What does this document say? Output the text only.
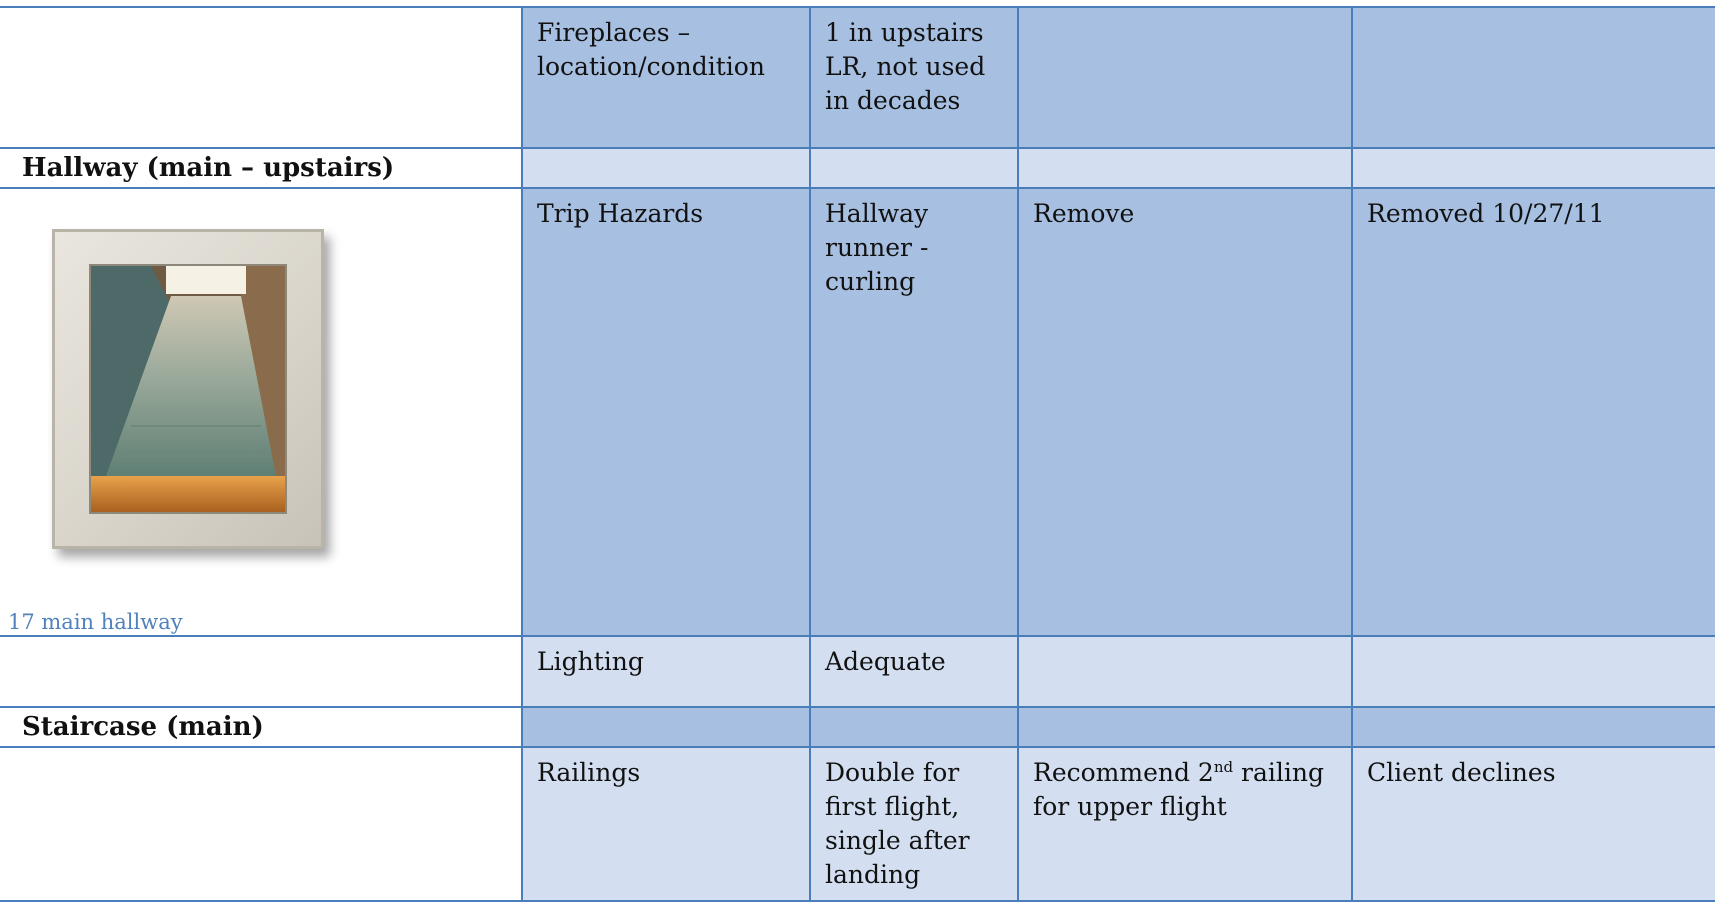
	Fireplaces – location/condition	1 in upstairs LR, not used in decades		
Hallway (main – upstairs)				

17 main hallway	Trip Hazards	Hallway runner - curling	Remove	Removed 10/27/11
	Lighting	Adequate		
Staircase (main)				
	Railings	Double for first flight, single after landing	Recommend 2nd railing for upper flight	Client declines
